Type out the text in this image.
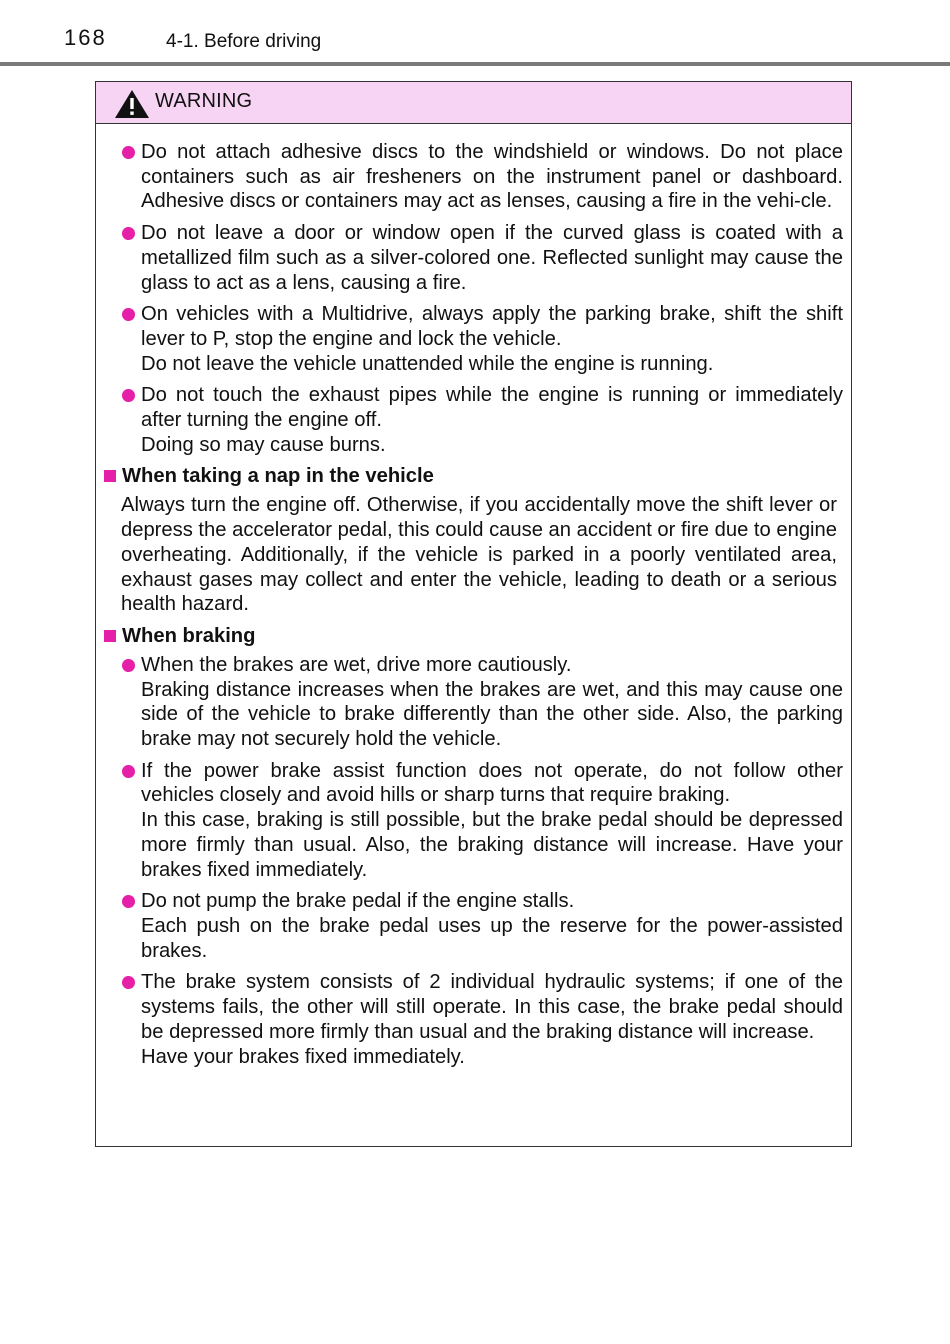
168	4-1. Before driving
WARNING

Do not attach adhesive discs to the windshield or windows. Do not place containers such as air fresheners on the instrument panel or dashboard. Adhesive discs or containers may act as lenses, causing a fire in the vehi-cle.

Do not leave a door or window open if the curved glass is coated with a metallized film such as a silver-colored one. Reflected sunlight may cause the glass to act as a lens, causing a fire.

On vehicles with a Multidrive, always apply the parking brake, shift the shift lever to P, stop the engine and lock the vehicle.

Do not leave the vehicle unattended while the engine is running.

Do not touch the exhaust pipes while the engine is running or immediately after turning the engine off.

Doing so may cause burns.

When taking a nap in the vehicle
Always turn the engine off. Otherwise, if you accidentally move the shift lever or depress the accelerator pedal, this could cause an accident or fire due to engine overheating. Additionally, if the vehicle is parked in a poorly ventilated area, exhaust gases may collect and enter the vehicle, leading to death or a serious health hazard.
When braking

When the brakes are wet, drive more cautiously.

Braking distance increases when the brakes are wet, and this may cause one side of the vehicle to brake differently than the other side. Also, the parking brake may not securely hold the vehicle.

If the power brake assist function does not operate, do not follow other vehicles closely and avoid hills or sharp turns that require braking.

In this case, braking is still possible, but the brake pedal should be depressed more firmly than usual. Also, the braking distance will increase. Have your brakes fixed immediately.

Do not pump the brake pedal if the engine stalls.

Each push on the brake pedal uses up the reserve for the power-assisted brakes.

The brake system consists of 2 individual hydraulic systems; if one of the systems fails, the other will still operate. In this case, the brake pedal should be depressed more firmly than usual and the braking distance will increase.

Have your brakes fixed immediately.
